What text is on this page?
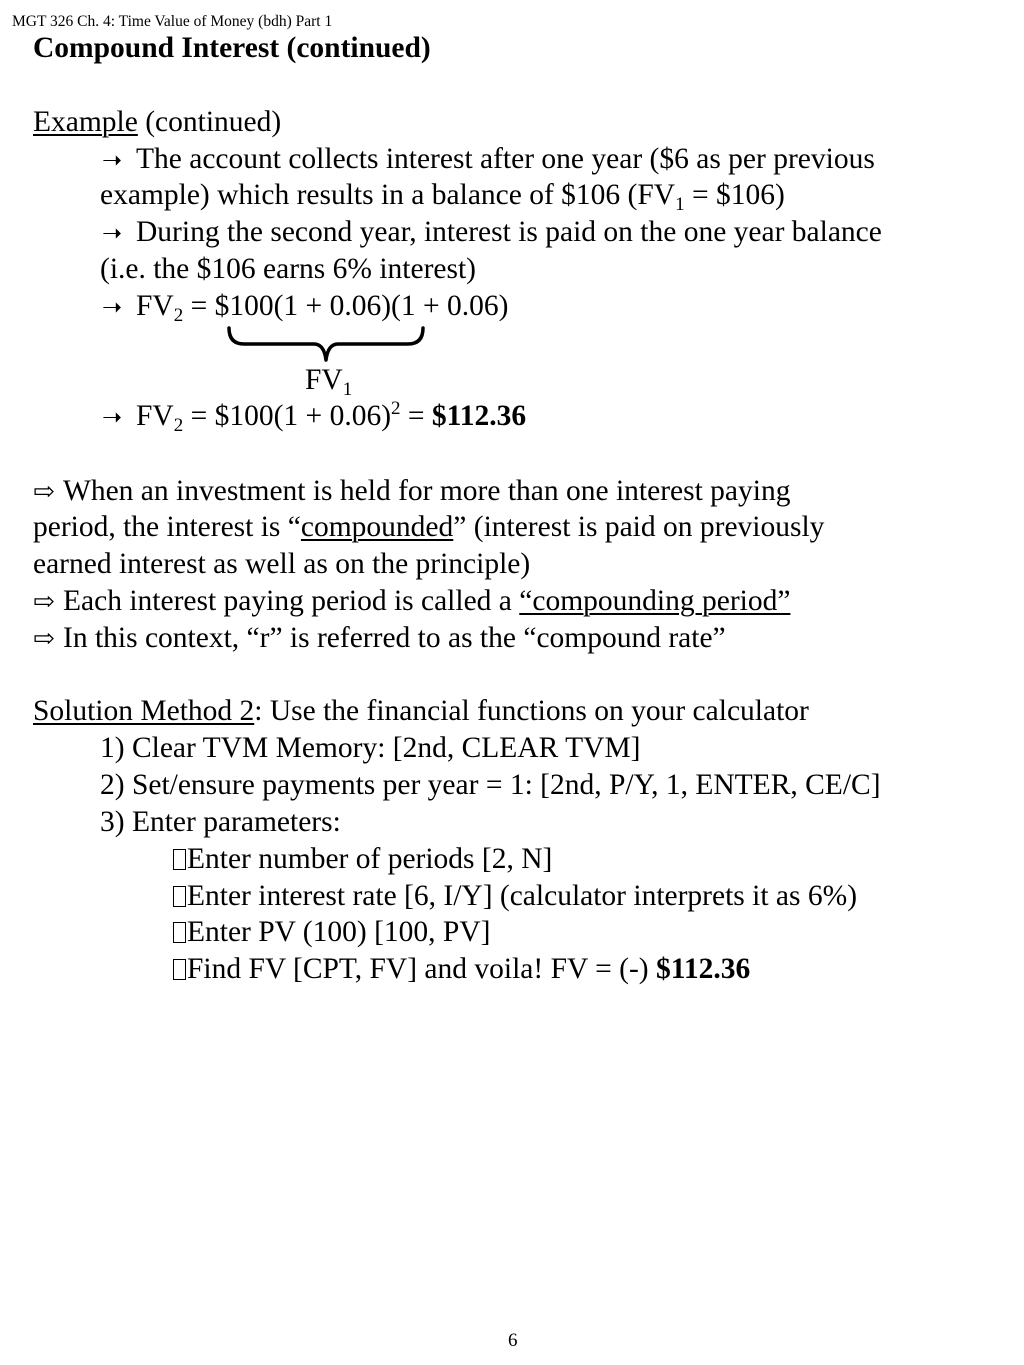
MGT 326 Ch. 4: Time Value of Money (bdh) Part 1
Compound Interest (continued)
Example (continued)
➝ The account collects interest after one year ($6 as per previous
example) which results in a balance of $106 ($FV_1$ = $106)
➝ During the second year, interest is paid on the one year balance
(i.e. the $106 earns 6% interest)
➝ $FV_2$ = $100(1 + 0.06)(1 + 0.06)
$FV_1$
➝ $FV_2$ = $100(1 + 0.06)$^2$ = $112.36
⇨ When an investment is held for more than one interest paying
period, the interest is “compounded” (interest is paid on previously
earned interest as well as on the principle)
⇨ Each interest paying period is called a “compounding period”
⇨ In this context, “r” is referred to as the “compound rate”
Solution Method 2: Use the financial functions on your calculator
1) Clear TVM Memory: [2nd, CLEAR TVM]
2) Set/ensure payments per year = 1: [2nd, P/Y, 1, ENTER, CE/C]
3) Enter parameters:
Enter number of periods [2, N]
Enter interest rate [6, I/Y] (calculator interprets it as 6%)
Enter PV (100) [100, PV]
Find FV [CPT, FV] and voila! FV = (-) $112.36
6
